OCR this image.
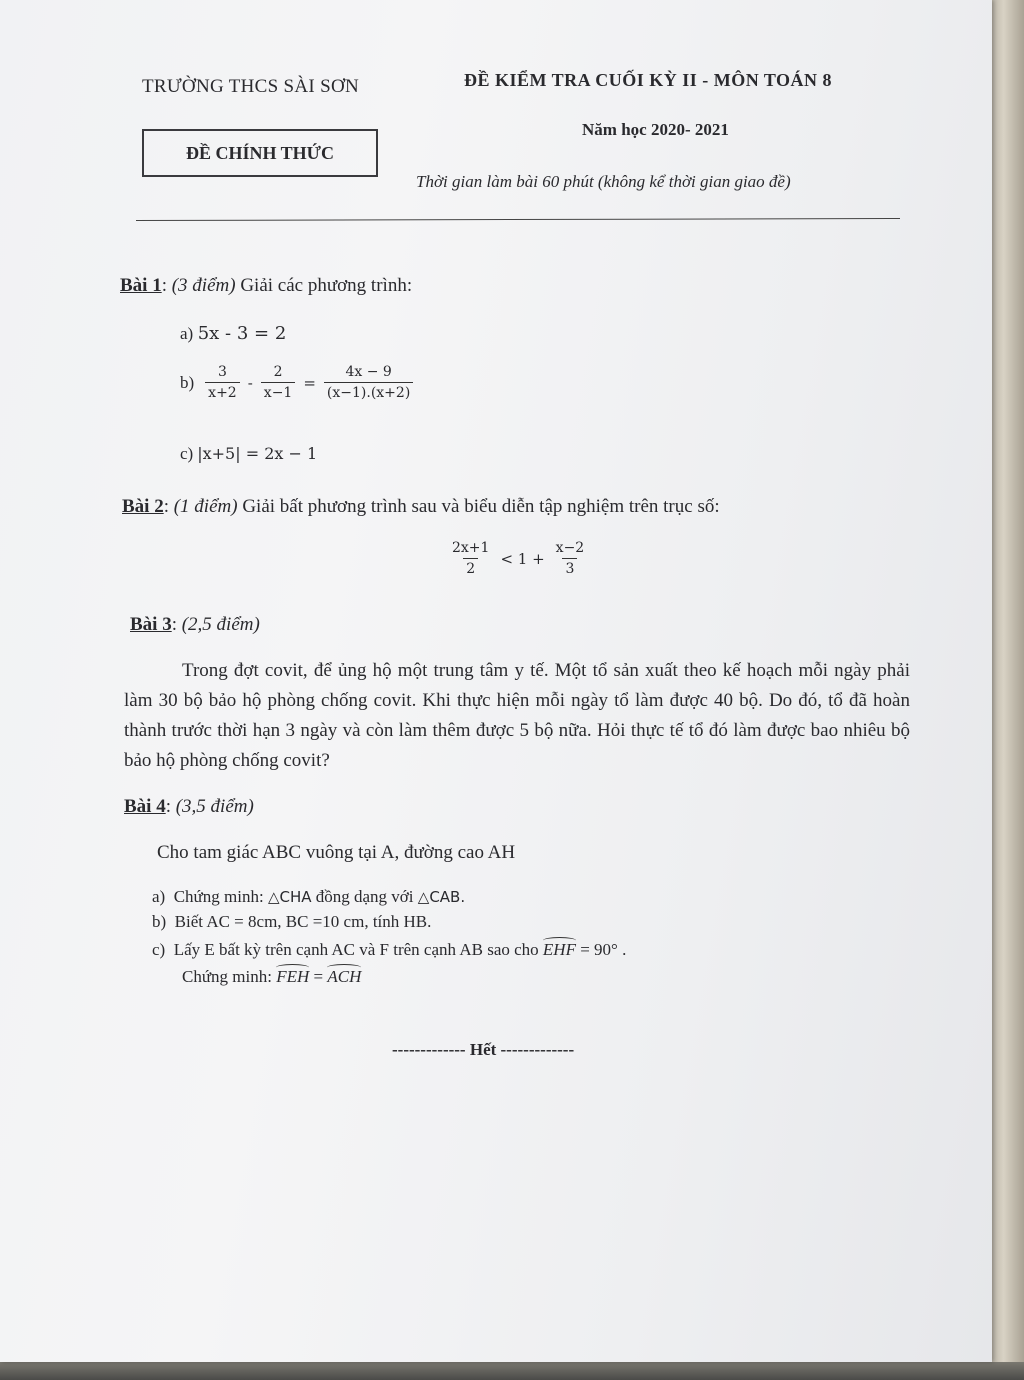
TRƯỜNG THCS SÀI SƠN	ĐỀ KIỂM TRA CUỐI KỲ II - MÔN TOÁN 8
Năm học 2020- 2021
ĐỀ CHÍNH THỨC
Thời gian làm bài 60 phút (không kể thời gian giao đề)
Bài 1: (3 điểm) Giải các phương trình:
a) 5x - 3 = 2
$b) \frac{3}{x+2} - \frac{2}{x-1} = \frac{4x - 9}{(x-1).(x+2)}$
c) |x+5| = 2x − 1
Bài 2: (1 điểm) Giải bất phương trình sau và biểu diễn tập nghiệm trên trục số:
$\frac{2x+1}{2} < 1 + \frac{x-2}{3}$
Bài 3: (2,5 điểm)
Trong đợt covit, để ủng hộ một trung tâm y tế. Một tổ sản xuất theo kế hoạch mỗi ngày phải làm 30 bộ bảo hộ phòng chống covit. Khi thực hiện mỗi ngày tổ làm được 40 bộ. Do đó, tổ đã hoàn thành trước thời hạn 3 ngày và còn làm thêm được 5 bộ nữa. Hỏi thực tế tổ đó làm được bao nhiêu bộ bảo hộ phòng chống covit?
Bài 4: (3,5 điểm)
Cho tam giác ABC vuông tại A, đường cao AH
a) Chứng minh: △CHA đồng dạng với △CAB.
b) Biết AC = 8cm, BC =10 cm, tính HB.
c) Lấy E bất kỳ trên cạnh AC và F trên cạnh AB sao cho EHF = 90° .
Chứng minh: FEH = ACH
------------- Hết -------------
